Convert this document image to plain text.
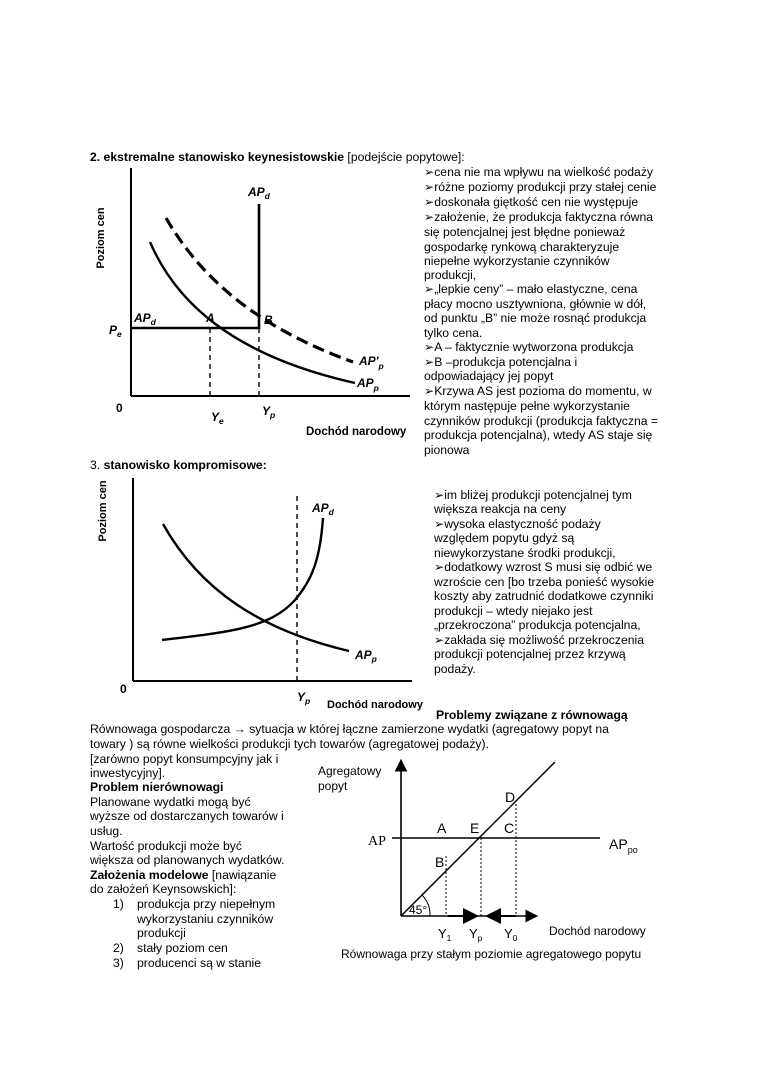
2. ekstremalne stanowisko keynesistowskie [podejście popytowe]:
➢cena nie ma wpływu na wielkość podaży
➢różne poziomy produkcji przy stałej cenie
➢doskonała giętkość cen nie występuje
➢założenie, że produkcja faktyczna równa
się potencjalnej jest błędne ponieważ
gospodarkę rynkową charakteryzuje
niepełne wykorzystanie czynników
produkcji,
➢„lepkie ceny” – mało elastyczne, cena
płacy mocno usztywniona, głównie w dół,
od punktu „B” nie może rosnąć produkcja
tylko cena.
➢A – faktycznie wytworzona produkcja
➢B –produkcja potencjalna i
odpowiadający jej popyt
➢Krzywa AS jest pozioma do momentu, w
którym następuje pełne wykorzystanie
czynników produkcji (produkcja faktyczna =
produkcja potencjalna), wtedy AS staje się
pionowa
Poziom cen
0
Dochód narodowy
$AP_d$
$AP_d$
$P_e$
A	B
$AP'_p$
$AP_p$
$Y_e$
$Y_p$
3. stanowisko kompromisowe:
➢im bliżej produkcji potencjalnej tym
większa reakcja na ceny
➢wysoka elastyczność podaży
względem popytu gdyż są
niewykorzystane środki produkcji,
➢dodatkowy wzrost S musi się odbić we
wzroście cen [bo trzeba ponieść wysokie
koszty aby zatrudnić dodatkowe czynniki
produkcji – wtedy niejako jest
„przekroczona” produkcja potencjalna,
➢zakłada się możliwość przekroczenia
produkcji potencjalnej przez krzywą
podaży.
Poziom cen
0
Dochód narodowy
$AP_d$
$AP_p$
$Y_p$
Problemy związane z równowagą
Równowaga gospodarcza → sytuacja w której łączne zamierzone wydatki (agregatowy popyt na
towary ) są równe wielkości produkcji tych towarów (agregatowej podaży).
[zarówno popyt konsumpcyjny jak i
inwestycyjny].
Problem nierównowagi
Planowane wydatki mogą być
wyższe od dostarczanych towarów i
usług.
Wartość produkcji może być
większa od planowanych wydatków.
Założenia modelowe [nawiązanie
do założeń Keynsowskich]:
1) produkcja przy niepełnym
wykorzystaniu czynników
produkcji
2) stały poziom cen
3) producenci są w stanie
Agregatowy
popyt
AP	$AP_{po}$
A E C
D
B
45°
$Y_1$ $Y_p$ $Y_0$	Dochód narodowy
Równowaga przy stałym poziomie agregatowego popytu
